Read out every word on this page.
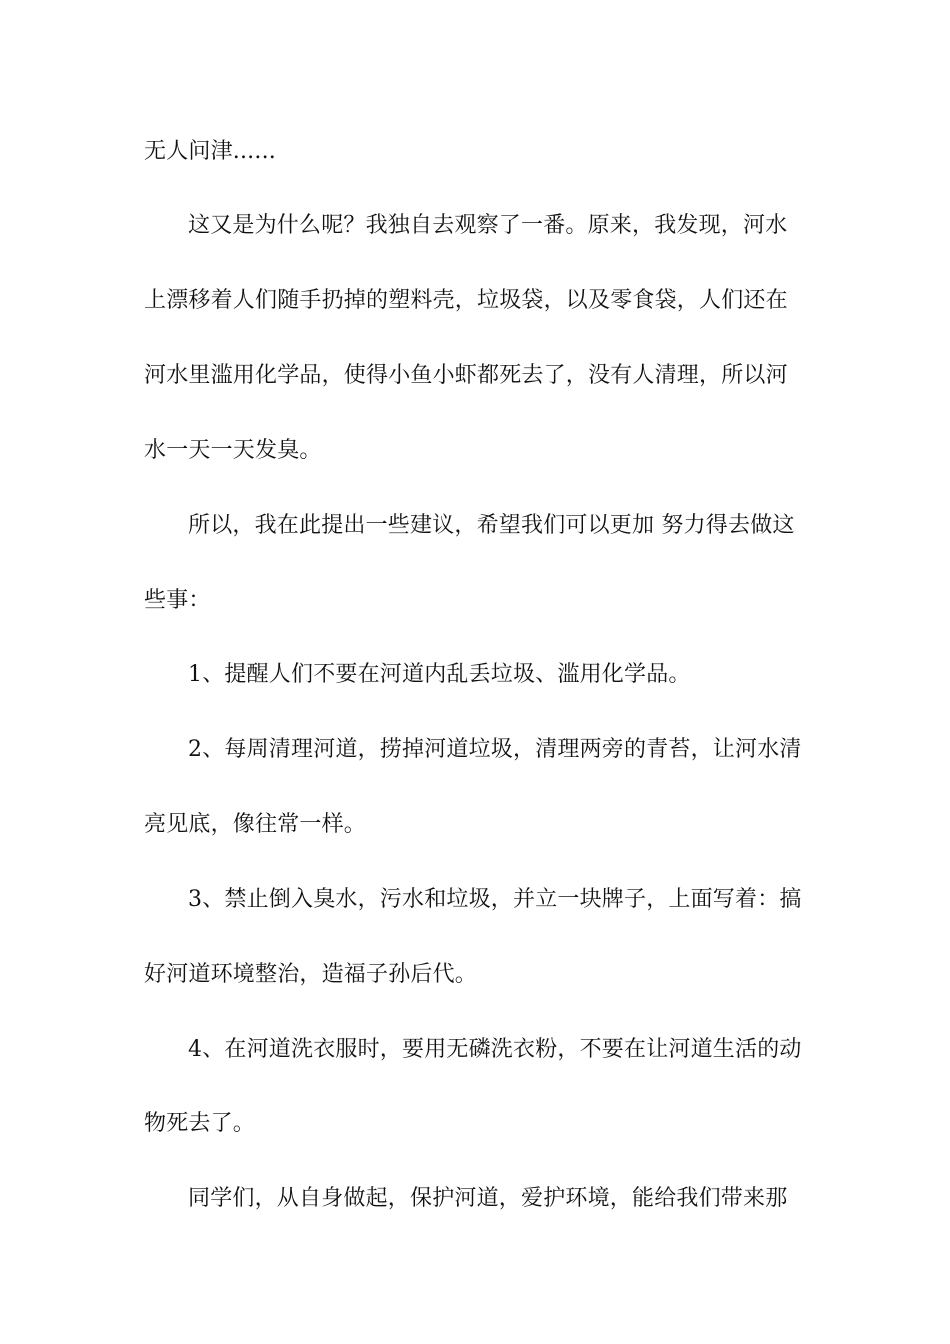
无人问津......
这又是为什么呢？我独自去观察了一番。原来，我发现，河水
上漂移着人们随手扔掉的塑料壳，垃圾袋，以及零食袋，人们还在
河水里滥用化学品，使得小鱼小虾都死去了，没有人清理，所以河
水一天一天发臭。
所以，我在此提出一些建议，希望我们可以更加 努力得去做这
些事：
1、提醒人们不要在河道内乱丢垃圾、滥用化学品。
2、每周清理河道，捞掉河道垃圾，清理两旁的青苔，让河水清
亮见底，像往常一样。
3、禁止倒入臭水，污水和垃圾，并立一块牌子，上面写着：搞
好河道环境整治，造福子孙后代。
4、在河道洗衣服时，要用无磷洗衣粉，不要在让河道生活的动
物死去了。
同学们，从自身做起，保护河道，爱护环境，能给我们带来那
